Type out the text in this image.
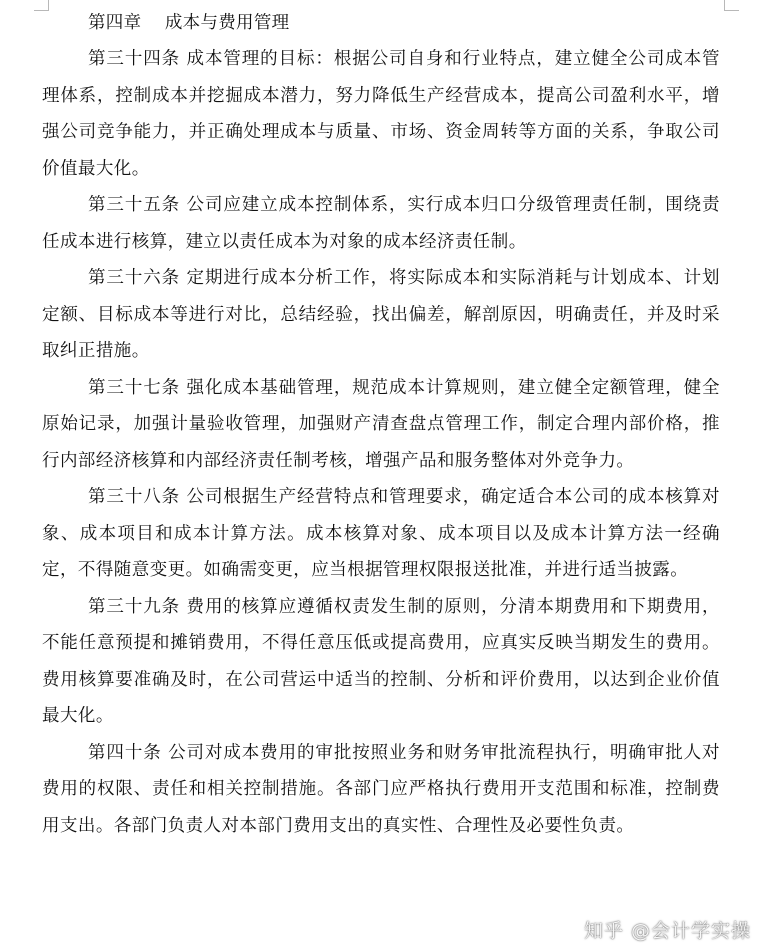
第四章    成本与费用管理

第三十四条 成本管理的目标：根据公司自身和行业特点，建立健全公司成本管理体系，控制成本并挖掘成本潜力，努力降低生产经营成本，提高公司盈利水平，增强公司竞争能力，并正确处理成本与质量、市场、资金周转等方面的关系，争取公司价值最大化。

第三十五条 公司应建立成本控制体系，实行成本归口分级管理责任制，围绕责任成本进行核算，建立以责任成本为对象的成本经济责任制。

第三十六条 定期进行成本分析工作，将实际成本和实际消耗与计划成本、计划定额、目标成本等进行对比，总结经验，找出偏差，解剖原因，明确责任，并及时采取纠正措施。

第三十七条 强化成本基础管理，规范成本计算规则，建立健全定额管理，健全原始记录，加强计量验收管理，加强财产清查盘点管理工作，制定合理内部价格，推行内部经济核算和内部经济责任制考核，增强产品和服务整体对外竞争力。

第三十八条 公司根据生产经营特点和管理要求，确定适合本公司的成本核算对象、成本项目和成本计算方法。成本核算对象、成本项目以及成本计算方法一经确定，不得随意变更。如确需变更，应当根据管理权限报送批准，并进行适当披露。

第三十九条 费用的核算应遵循权责发生制的原则，分清本期费用和下期费用，不能任意预提和摊销费用，不得任意压低或提高费用，应真实反映当期发生的费用。费用核算要准确及时，在公司营运中适当的控制、分析和评价费用，以达到企业价值最大化。

第四十条 公司对成本费用的审批按照业务和财务审批流程执行，明确审批人对费用的权限、责任和相关控制措施。各部门应严格执行费用开支范围和标准，控制费用支出。各部门负责人对本部门费用支出的真实性、合理性及必要性负责。

知乎 @会计学实操
